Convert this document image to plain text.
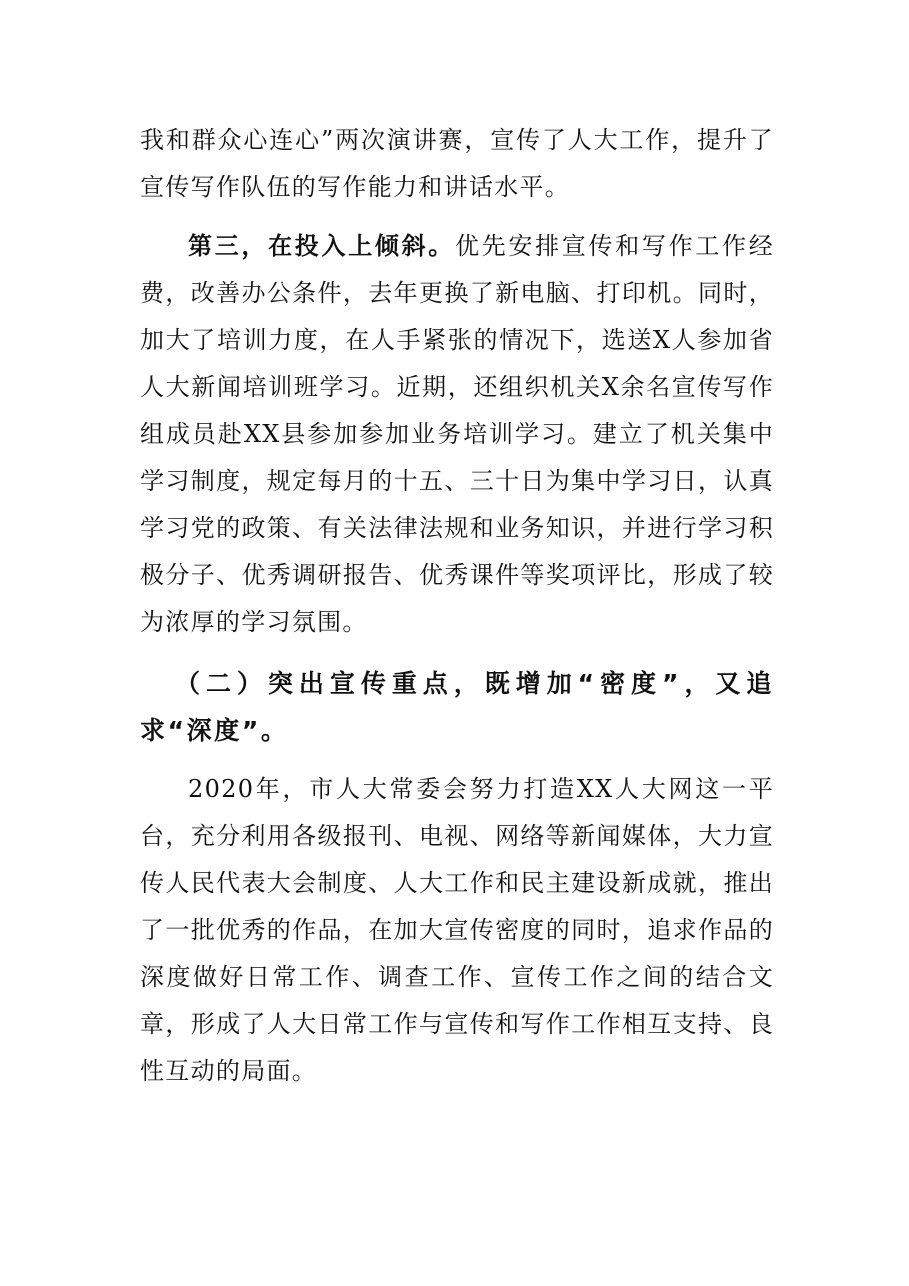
我和群众心连心”两次演讲赛，宣传了人大工作，提升了宣传写作队伍的写作能力和讲话水平。

第三，在投入上倾斜。优先安排宣传和写作工作经费，改善办公条件，去年更换了新电脑、打印机。同时，加大了培训力度，在人手紧张的情况下，选送X人参加省人大新闻培训班学习。近期，还组织机关X余名宣传写作组成员赴XX县参加参加业务培训学习。建立了机关集中学习制度，规定每月的十五、三十日为集中学习日，认真学习党的政策、有关法律法规和业务知识，并进行学习积极分子、优秀调研报告、优秀课件等奖项评比，形成了较为浓厚的学习氛围。

（二）突出宣传重点，既增加“密度”，又追求“深度”。

2020年，市人大常委会努力打造XX人大网这一平台，充分利用各级报刊、电视、网络等新闻媒体，大力宣传人民代表大会制度、人大工作和民主建设新成就，推出了一批优秀的作品，在加大宣传密度的同时，追求作品的深度做好日常工作、调查工作、宣传工作之间的结合文章，形成了人大日常工作与宣传和写作工作相互支持、良性互动的局面。
